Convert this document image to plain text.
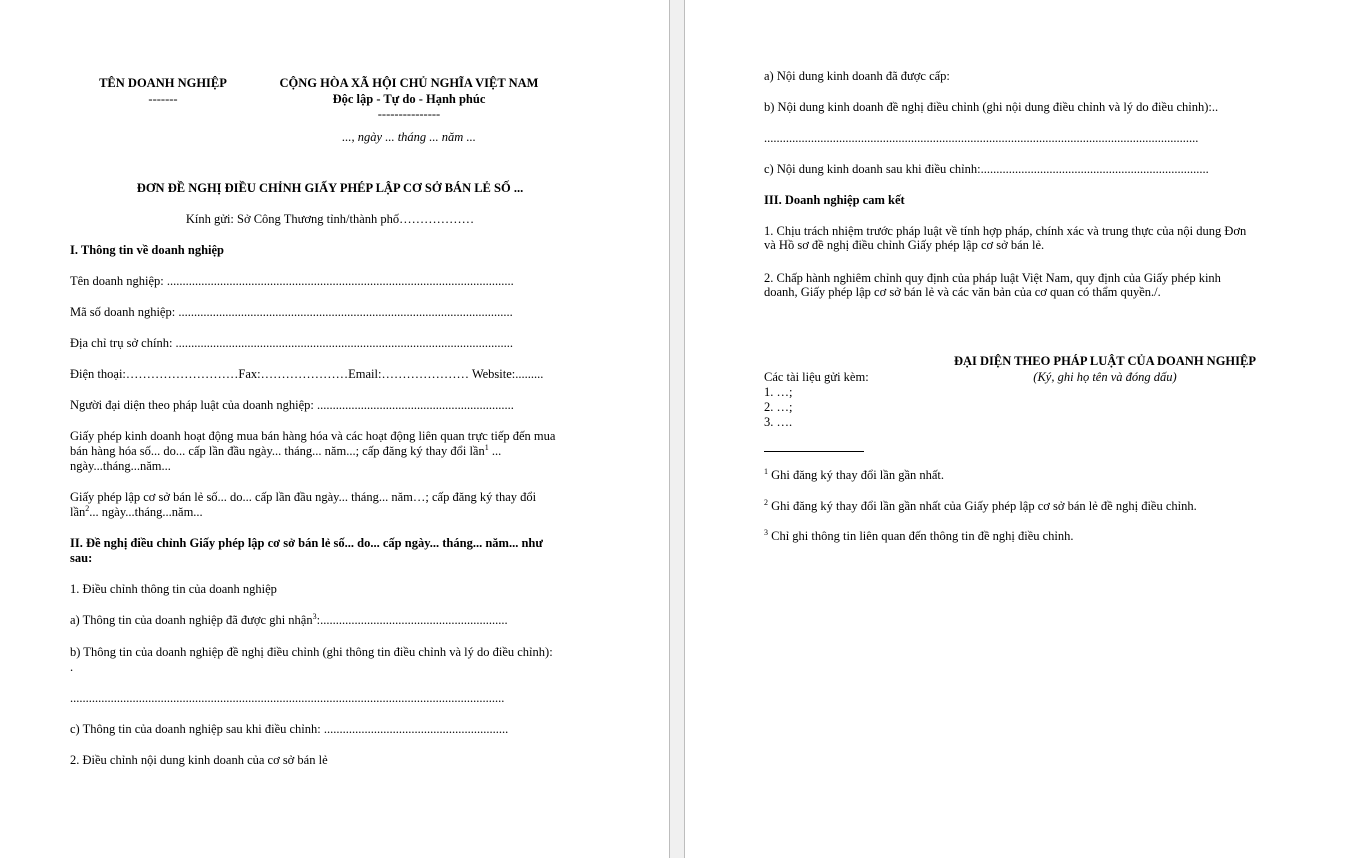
TÊN DOANH NGHIỆP
-------
CỘNG HÒA XÃ HỘI CHỦ NGHĨA VIỆT NAM
Độc lập - Tự do - Hạnh phúc
---------------
..., ngày ... tháng ... năm ...
ĐƠN ĐỀ NGHỊ ĐIỀU CHỈNH GIẤY PHÉP LẬP CƠ SỞ BÁN LẺ SỐ ...
Kính gửi: Sở Công Thương tỉnh/thành phố………………
I. Thông tin về doanh nghiệp
Tên doanh nghiệp: ...............................................................................................................
Mã số doanh nghiệp: ...........................................................................................................
Địa chỉ trụ sở chính: ............................................................................................................
Điện thoại:………………………Fax:…………………Email:………………… Website:.........
Người đại diện theo pháp luật của doanh nghiệp: ...............................................................
Giấy phép kinh doanh hoạt động mua bán hàng hóa và các hoạt động liên quan trực tiếp đến mua
bán hàng hóa số... do... cấp lần đầu ngày... tháng... năm...; cấp đăng ký thay đổi lần$^1$ ...
ngày...tháng...năm...
Giấy phép lập cơ sở bán lẻ số... do... cấp lần đầu ngày... tháng... năm…; cấp đăng ký thay đổi
lần$^2$... ngày...tháng...năm...
II. Đề nghị điều chỉnh Giấy phép lập cơ sở bán lẻ số... do... cấp ngày... tháng... năm... như
sau:
1. Điều chỉnh thông tin của doanh nghiệp
a) Thông tin của doanh nghiệp đã được ghi nhận$^3$:............................................................
b) Thông tin của doanh nghiệp đề nghị điều chỉnh (ghi thông tin điều chỉnh và lý do điều chỉnh):
.
...........................................................................................................................................
c) Thông tin của doanh nghiệp sau khi điều chỉnh: ...........................................................
2. Điều chỉnh nội dung kinh doanh của cơ sở bán lẻ
a) Nội dung kinh doanh đã được cấp:
b) Nội dung kinh doanh đề nghị điều chỉnh (ghi nội dung điều chỉnh và lý do điều chỉnh):..
...........................................................................................................................................
c) Nội dung kinh doanh sau khi điều chỉnh:.........................................................................
III. Doanh nghiệp cam kết
1. Chịu trách nhiệm trước pháp luật về tính hợp pháp, chính xác và trung thực của nội dung Đơn
và Hồ sơ đề nghị điều chỉnh Giấy phép lập cơ sở bán lẻ.
2. Chấp hành nghiêm chỉnh quy định của pháp luật Việt Nam, quy định của Giấy phép kinh
doanh, Giấy phép lập cơ sở bán lẻ và các văn bản của cơ quan có thẩm quyền./.
ĐẠI DIỆN THEO PHÁP LUẬT CỦA DOANH NGHIỆP
(Ký, ghi họ tên và đóng dấu)
Các tài liệu gửi kèm:
1. …;
2. …;
3. ….
$^1$ Ghi đăng ký thay đổi lần gần nhất.
$^2$ Ghi đăng ký thay đổi lần gần nhất của Giấy phép lập cơ sở bán lẻ đề nghị điều chỉnh.
$^3$ Chỉ ghi thông tin liên quan đến thông tin đề nghị điều chỉnh.
